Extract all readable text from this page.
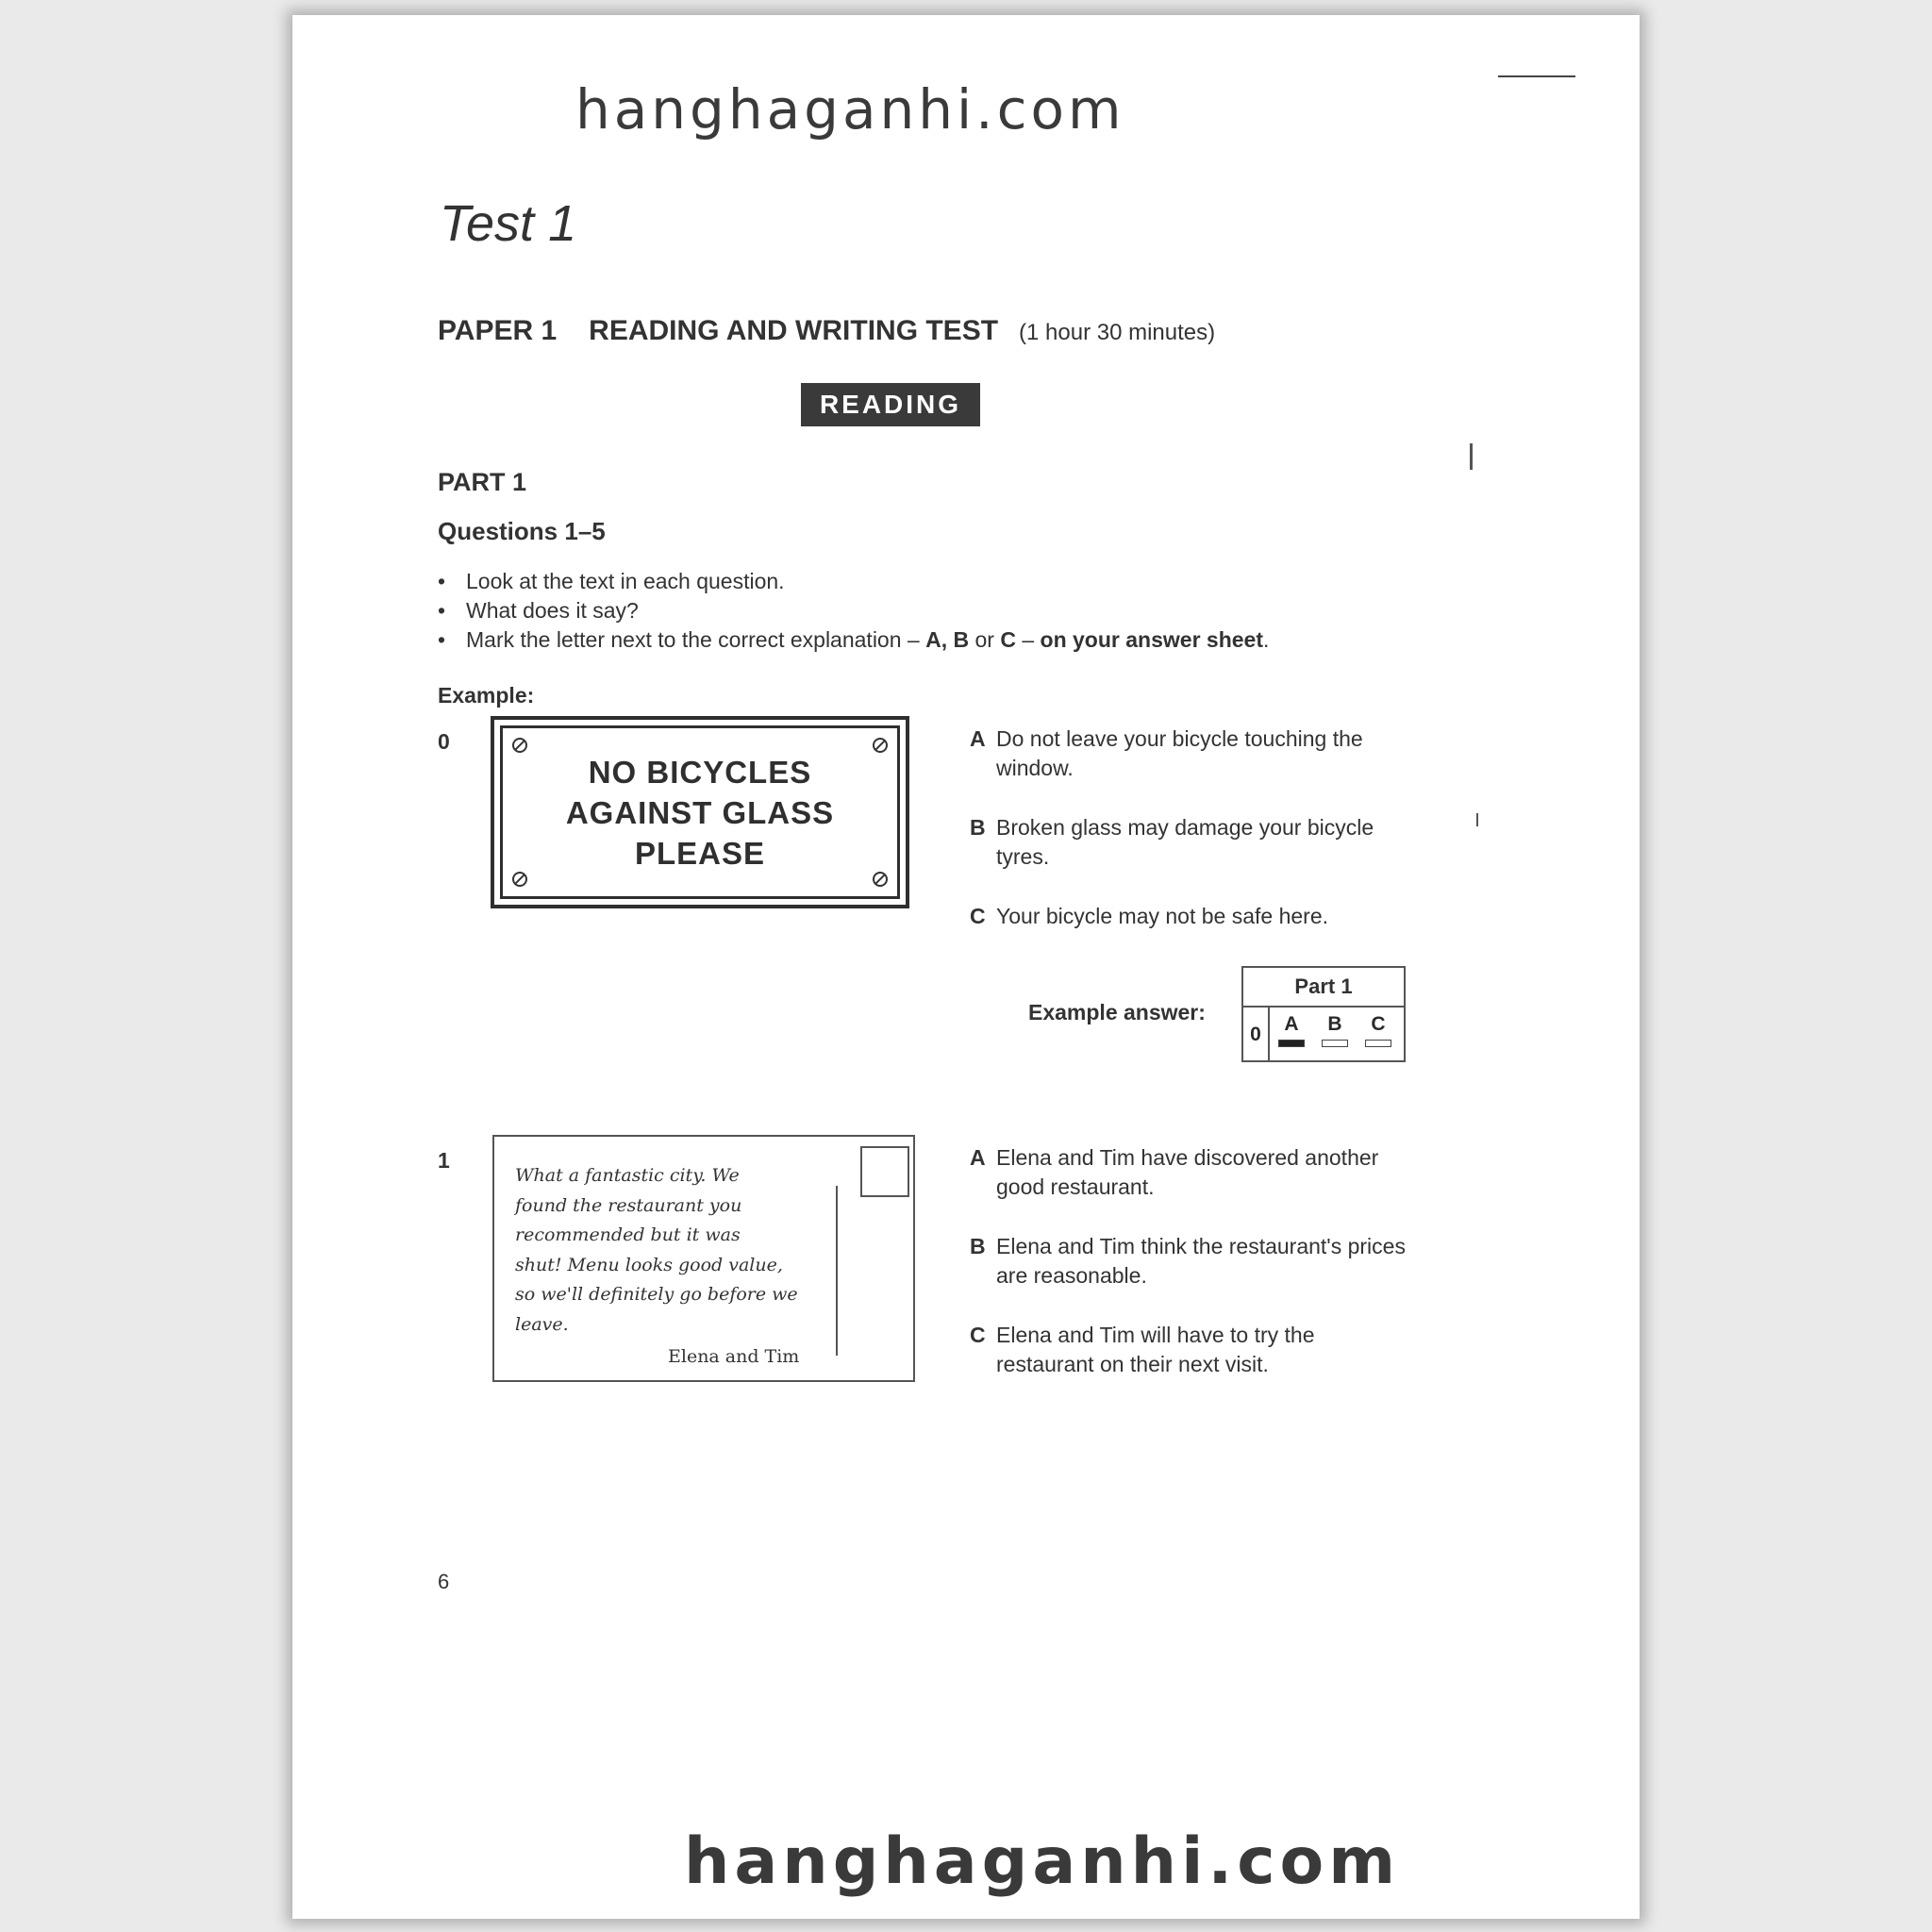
hanghaganhi.com
Test 1
PAPER 1 READING AND WRITING TEST (1 hour 30 minutes)
READING
PART 1
Questions 1–5
• Look at the text in each question.
• What does it say?
• Mark the letter next to the correct explanation – A, B or C – on your answer sheet.
Example:
0
NO BICYCLES
AGAINST GLASS
PLEASE
A Do not leave your bicycle touching the window.
B Broken glass may damage your bicycle tyres.
C Your bicycle may not be safe here.
Example answer:
Part 1
0	A	B	C
1
What a fantastic city. We
found the restaurant you
recommended but it was
shut! Menu looks good value,
so we'll definitely go before we
leave.
Elena and Tim
A Elena and Tim have discovered another good restaurant.
B Elena and Tim think the restaurant's prices are reasonable.
C Elena and Tim will have to try the restaurant on their next visit.
6
hanghaganhi.com
